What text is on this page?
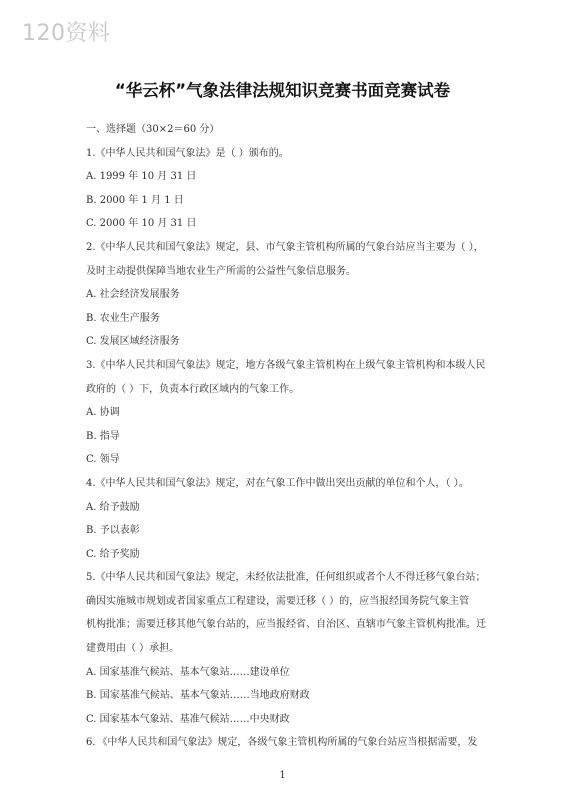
120资料
“华云杯”气象法律法规知识竞赛书面竞赛试卷
一、选择题（30×2＝60 分）
1.《中华人民共和国气象法》是（ ）颁布的。
A. 1999 年 10 月 31 日
B. 2000 年 1 月 1 日
C. 2000 年 10 月 31 日
2.《中华人民共和国气象法》规定，县、市气象主管机构所属的气象台站应当主要为（ ），
及时主动提供保障当地农业生产所需的公益性气象信息服务。
A. 社会经济发展服务
B. 农业生产服务
C. 发展区域经济服务
3.《中华人民共和国气象法》规定，地方各级气象主管机构在上级气象主管机构和本级人民
政府的（ ）下，负责本行政区域内的气象工作。
A. 协调
B. 指导
C. 领导
4.《中华人民共和国气象法》规定，对在气象工作中做出突出贡献的单位和个人，（ ）。
A. 给予鼓励
B. 予以表彰
C. 给予奖励
5.《中华人民共和国气象法》规定，未经依法批准，任何组织或者个人不得迁移气象台站；
确因实施城市规划或者国家重点工程建设，需要迁移（ ）的，应当报经国务院气象主管
机构批准；需要迁移其他气象台站的，应当报经省、自治区、直辖市气象主管机构批准。迁
建费用由（ ）承担。
A. 国家基准气候站、基本气象站……建设单位
B. 国家基准气候站、基本气象站……当地政府财政
C. 国家基本气象站、基准气候站……中央财政
6．《中华人民共和国气象法》规定，各级气象主管机构所属的气象台站应当根据需要，发
1
